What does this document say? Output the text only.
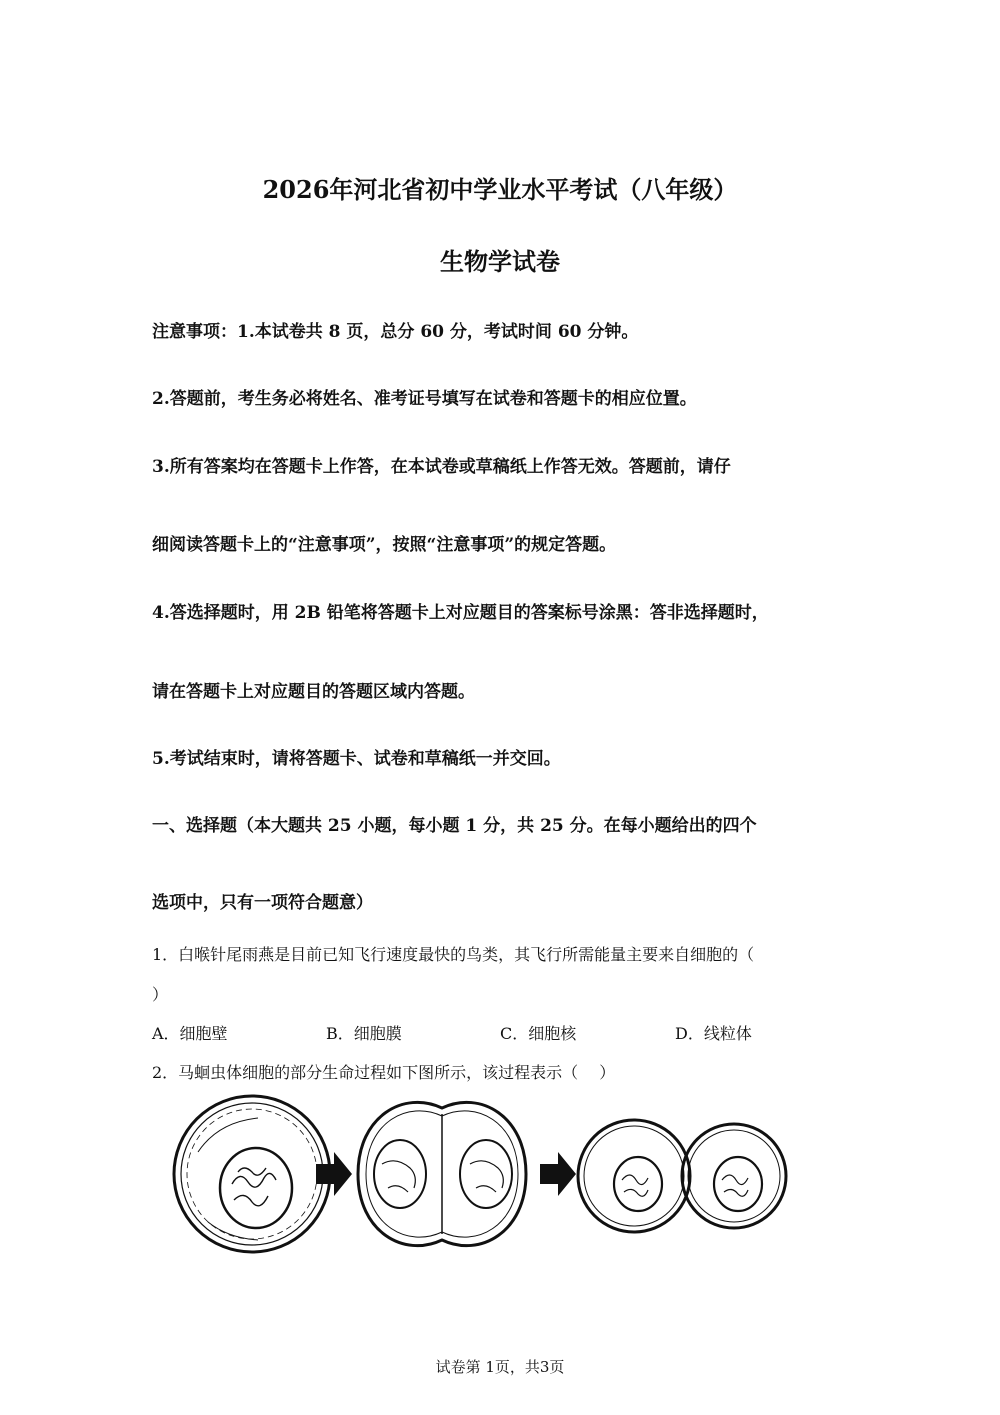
2026年河北省初中学业水平考试（八年级）
生物学试卷
注意事项：1.本试卷共 8 页，总分 60 分，考试时间 60 分钟。
2.答题前，考生务必将姓名、准考证号填写在试卷和答题卡的相应位置。
3.所有答案均在答题卡上作答，在本试卷或草稿纸上作答无效。答题前，请仔
细阅读答题卡上的“注意事项”，按照“注意事项”的规定答题。
4.答选择题时，用 2B 铅笔将答题卡上对应题目的答案标号涂黑：答非选择题时，
请在答题卡上对应题目的答题区域内答题。
5.考试结束时，请将答题卡、试卷和草稿纸一并交回。
一、选择题（本大题共 25 小题，每小题 1 分，共 25 分。在每小题给出的四个
选项中，只有一项符合题意）
1．白喉针尾雨燕是目前已知飞行速度最快的鸟类，其飞行所需能量主要来自细胞的（
）
A．细胞壁	B．细胞膜	C．细胞核	D．线粒体
2．马蛔虫体细胞的部分生命过程如下图所示，该过程表示（　 ）
试卷第 1页，共3页
